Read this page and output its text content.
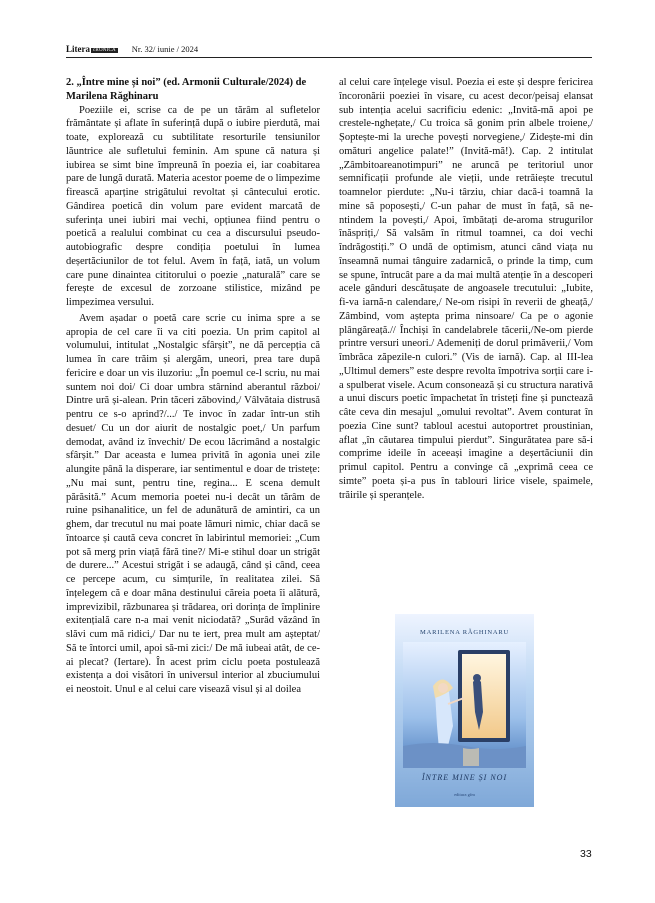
Litera cRONICA Nr. 32/ iunie / 2024

2. „Între mine și noi” (ed. Armonii Culturale/2024) de Marilena Răghinaru

Poeziile ei, scrise ca de pe un tărâm al sufletelor frământate și aflate în suferință după o iubire pierdută, mai toate, explorează cu subtilitate resorturile tensiunilor lăuntrice ale sufletului feminin. Am spune că natura și iubirea se simt bine împreună în poezia ei, iar coabitarea pare de lungă durată. Materia acestor poeme de o limpezime firească aparține strigătului revoltat și cântecului erotic. Gândirea poetică din volum pare evident marcată de suferința unei iubiri mai vechi, opțiunea fiind pentru o poetică a realului combinat cu cea a discursului pseudo-autobiografic despre condiția poetului în lumea deșertăciunilor de tot felul. Avem în față, iată, un volum care pune dinaintea cititorului o poezie „naturală” care se ferește de excesul de zorzoane stilistice, mizând pe limpezimea versului.

Avem așadar o poetă care scrie cu inima spre a se apropia de cel care îi va citi poezia. Un prim capitol al volumului, intitulat „Nostalgic sfârșit”, ne dă percepția că lumea în care trăim și alergăm, uneori, prea tare după fericire e doar un vis iluzoriu: „În poemul ce-l scriu, nu mai suntem noi doi/ Ci doar umbra stârnind aberantul război/ Dintre ură și-alean. Prin tăceri zăbovind,/ Vâlvătaia distrusă pentru ce s-o aprind?/.../ Te invoc în zadar într-un stih desuet/ Cu un dor aiurit de nostalgic poet,/ Un parfum demodat, având iz învechit/ De ecou lăcrimând a nostalgic sfârșit.” Dar aceasta e lumea privită în agonia unei zile alungite până la disperare, iar sentimentul e doar de tristețe: „Nu mai sunt, pentru tine, regina... E scena demult părăsită.” Acum memoria poetei nu-i decât un tărâm de ruine psihanalitice, un fel de adunătură de amintiri, ca un ghem, dar trecutul nu mai poate lămuri nimic, chiar dacă se întoarce și caută ceva concret în labirintul memoriei: „Cum pot să merg prin viață fără tine?/ Mi-e stihul doar un strigăt de durere...” Acestui strigăt i se adaugă, când și când, ceea ce percepe acum, cu simțurile, în realitatea zilei. Să înțelegem că e doar mâna destinului căreia poeta îi alătură, imprevizibil, răzbunarea și trădarea, ori dorința de împlinire exitențială care n-a mai venit niciodată? „Surâd văzând în slăvi cum mă ridici,/ Dar nu te iert, prea mult am așteptat/ Să te întorci umil, apoi să-mi zici:/ De mă iubeai atât, de ce-ai plecat? (Iertare). În acest prim ciclu poeta postulează existența a doi visători în universul interior al zbuciumului ei neostoit. Unul e al celui care visează visul și al doilea

al celui care înțelege visul. Poezia ei este și despre fericirea încoronării poeziei în visare, cu acest decor/peisaj elansat sub intenția acelui sacrificiu edenic: „Invită-mă apoi pe crestele-nghețate,/ Cu troica să gonim prin albele troiene,/ Șoptește-mi la ureche povești norvegiene,/ Zidește-mi din omături angelice palate!” (Invită-mă!). Cap. 2 intitulat „Zâmbitoareanotimpuri” ne aruncă pe teritoriul unor semnificații profunde ale vieții, unde retrăiește trecutul toamnelor pierdute: „Nu-i târziu, chiar dacă-i toamnă la mine să poposești,/ C-un pahar de must în față, să ne-ntindem la povești,/ Apoi, îmbătați de-aroma strugurilor înăspriți,/ Să valsăm în ritmul toamnei, ca doi vechi îndrăgostiți.” O undă de optimism, atunci când viața nu înseamnă numai tânguire zadarnică, o prinde la timp, cum se spune, întrucât pare a da mai multă atenție în a descoperi acele gânduri descătușate de angoasele trecutului: „Iubite, fi-va iarnă-n calendare,/ Ne-om risipi în reverii de gheață,/ Zâmbind, vom aștepta prima ninsoare/ Ca pe o agonie plângăreață.// Închiși în candelabrele tăcerii,/Ne-om pierde printre versuri uneori./ Ademeniți de dorul primăverii,/ Vom îmbrăca zăpezile-n culori.” (Vis de iarnă). Cap. al III-lea „Ultimul demers” este despre revolta împotriva sorții care i-a spulberat visele. Acum consonează și cu structura narativă a unui discurs poetic împachetat în tristeți fine și punctează câte ceva din mesajul „omului revoltat”. Avem conturat în poezia Cine sunt? tabloul acestui autoportret proustinian, aflat „în căutarea timpului pierdut”. Singurătatea pare să-i comprime ideile în aceeași imagine a deșertăciunii din primul capitol. Pentru a convinge că „exprimă ceea ce simte” poeta și-a pus în tablouri lirice visele, spaimele, trăirile și speranțele.

MARILENA RĂGHINARU
ÎNTRE MINE ȘI NOI
editura gfm
33
